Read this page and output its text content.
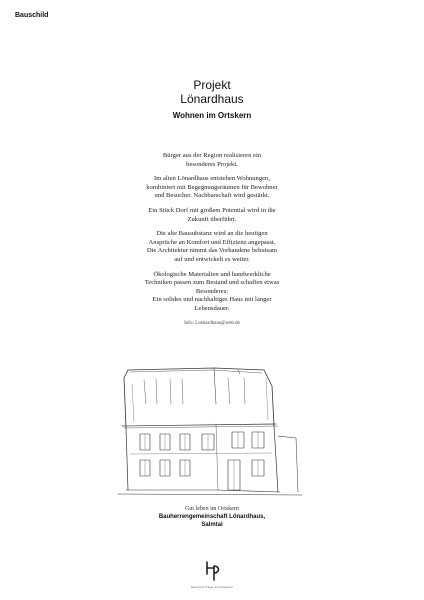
Bauschild
Projekt
Lönardhaus
Wohnen im Ortskern

Bürger aus der Region realisieren ein
besonderes Projekt.

Im alten Lönardhaus entstehen Wohnungen,
kombiniert mit Begegnungsräumen für Bewohner
und Besucher. Nachbarschaft wird gestärkt.

Ein Stück Dorf mit großem Potential wird in die
Zukunft überführt.

Die alte Bausubstanz wird an die heutigen
Ansprüche an Komfort und Effizienz angepasst.
Die Architektur nimmt das Vorhandene behutsam
auf und entwickelt es weiter.

Ökologische Materialien und handwerkliche
Techniken passen zum Bestand und schaffen etwas
Besonderes:
Ein solides und nachhaltiges Haus mit langer
Lebensdauer.

Info: Loenardhaus@web.de

Gut leben im Ortskern
Bauherrengemeinschaft Lönardhaus,
Salmtal
Heinzelt Page Architekten
